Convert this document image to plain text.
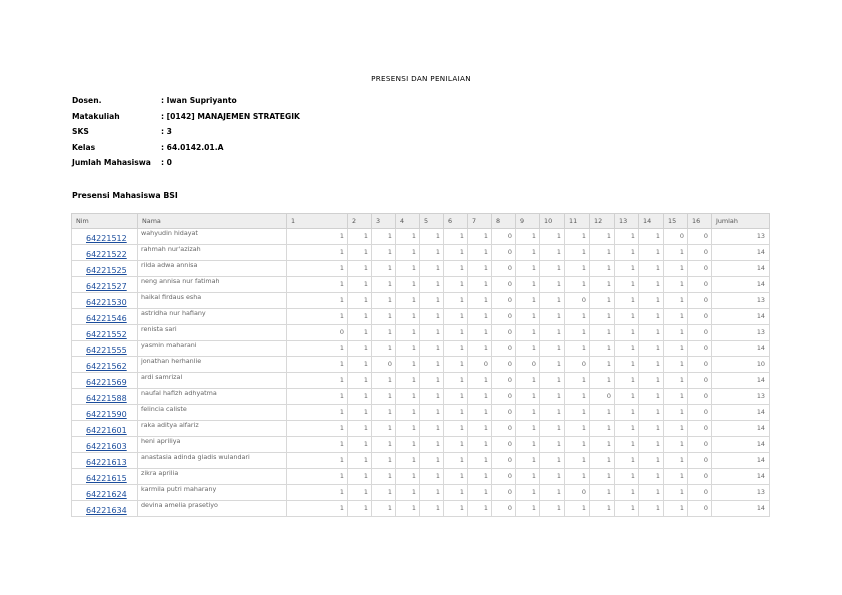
PRESENSI DAN PENILAIAN
Dosen.	: Iwan Supriyanto
Matakuliah	: [0142] MANAJEMEN STRATEGIK
SKS	: 3
Kelas	: 64.0142.01.A
Jumlah Mahasiswa	: 0
Presensi Mahasiswa BSI
Nim	Nama	1	2	3	4	5	6	7	8	9	10	11	12	13	14	15	16	Jumlah
64221512	wahyudin hidayat	1	1	1	1	1	1	1	0	1	1	1	1	1	1	0	0	13
64221522	rahmah nur'azizah	1	1	1	1	1	1	1	0	1	1	1	1	1	1	1	0	14
64221525	rilda adwa annisa	1	1	1	1	1	1	1	0	1	1	1	1	1	1	1	0	14
64221527	neng annisa nur fatimah	1	1	1	1	1	1	1	0	1	1	1	1	1	1	1	0	14
64221530	haikal firdaus esha	1	1	1	1	1	1	1	0	1	1	0	1	1	1	1	0	13
64221546	astridha nur hafiany	1	1	1	1	1	1	1	0	1	1	1	1	1	1	1	0	14
64221552	renista sari	0	1	1	1	1	1	1	0	1	1	1	1	1	1	1	0	13
64221555	yasmin maharani	1	1	1	1	1	1	1	0	1	1	1	1	1	1	1	0	14
64221562	jonathan herhanlie	1	1	0	1	1	1	0	0	0	1	0	1	1	1	1	0	10
64221569	ardi samrizal	1	1	1	1	1	1	1	0	1	1	1	1	1	1	1	0	14
64221588	naufal hafizh adhyatma	1	1	1	1	1	1	1	0	1	1	1	0	1	1	1	0	13
64221590	felincia caliste	1	1	1	1	1	1	1	0	1	1	1	1	1	1	1	0	14
64221601	raka aditya alfariz	1	1	1	1	1	1	1	0	1	1	1	1	1	1	1	0	14
64221603	heni apriliya	1	1	1	1	1	1	1	0	1	1	1	1	1	1	1	0	14
64221613	anastasia adinda gladis wulandari	1	1	1	1	1	1	1	0	1	1	1	1	1	1	1	0	14
64221615	zikra aprilia	1	1	1	1	1	1	1	0	1	1	1	1	1	1	1	0	14
64221624	karmila putri maharany	1	1	1	1	1	1	1	0	1	1	0	1	1	1	1	0	13
64221634	devina amelia prasetiyo	1	1	1	1	1	1	1	0	1	1	1	1	1	1	1	0	14
